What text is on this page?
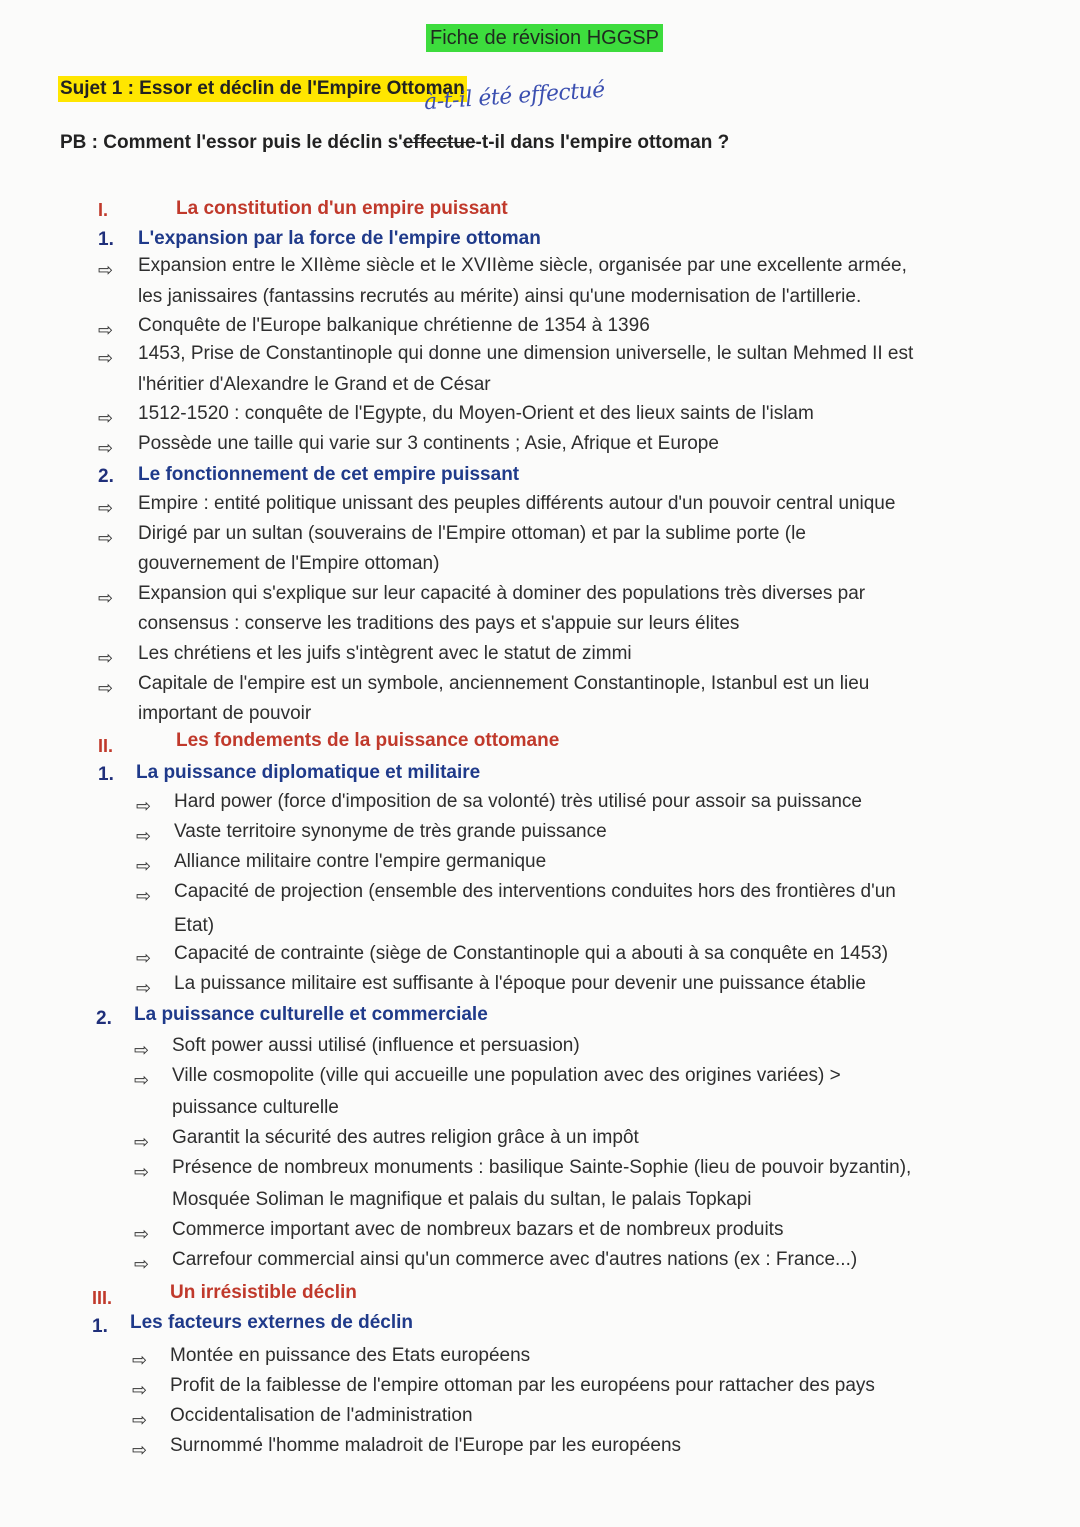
Fiche de révision HGGSP
Sujet 1 : Essor et déclin de l'Empire Ottoman
à-t-il été effectué
PB : Comment l'essor puis le déclin s'effectue-t-il dans l'empire ottoman ?
I.	La constitution d'un empire puissant
1. L'expansion par la force de l'empire ottoman
⇨ Expansion entre le XIIème siècle et le XVIIème siècle, organisée par une excellente armée,
les janissaires (fantassins recrutés au mérite) ainsi qu'une modernisation de l'artillerie.
⇨ Conquête de l'Europe balkanique chrétienne de 1354 à 1396
⇨ 1453, Prise de Constantinople qui donne une dimension universelle, le sultan Mehmed II est
l'héritier d'Alexandre le Grand et de César
⇨ 1512-1520 : conquête de l'Egypte, du Moyen-Orient et des lieux saints de l'islam
⇨ Possède une taille qui varie sur 3 continents ; Asie, Afrique et Europe
2. Le fonctionnement de cet empire puissant
⇨ Empire : entité politique unissant des peuples différents autour d'un pouvoir central unique
⇨ Dirigé par un sultan (souverains de l'Empire ottoman) et par la sublime porte (le
gouvernement de l'Empire ottoman)
⇨ Expansion qui s'explique sur leur capacité à dominer des populations très diverses par
consensus : conserve les traditions des pays et s'appuie sur leurs élites
⇨ Les chrétiens et les juifs s'intègrent avec le statut de zimmi
⇨ Capitale de l'empire est un symbole, anciennement Constantinople, Istanbul est un lieu
important de pouvoir
II.	Les fondements de la puissance ottomane
1. La puissance diplomatique et militaire
⇨ Hard power (force d'imposition de sa volonté) très utilisé pour assoir sa puissance
⇨ Vaste territoire synonyme de très grande puissance
⇨ Alliance militaire contre l'empire germanique
⇨ Capacité de projection (ensemble des interventions conduites hors des frontières d'un
Etat)
⇨ Capacité de contrainte (siège de Constantinople qui a abouti à sa conquête en 1453)
⇨ La puissance militaire est suffisante à l'époque pour devenir une puissance établie
2. La puissance culturelle et commerciale
⇨ Soft power aussi utilisé (influence et persuasion)
⇨ Ville cosmopolite (ville qui accueille une population avec des origines variées) >
puissance culturelle
⇨ Garantit la sécurité des autres religion grâce à un impôt
⇨ Présence de nombreux monuments : basilique Sainte-Sophie (lieu de pouvoir byzantin),
Mosquée Soliman le magnifique et palais du sultan, le palais Topkapi
⇨ Commerce important avec de nombreux bazars et de nombreux produits
⇨ Carrefour commercial ainsi qu'un commerce avec d'autres nations (ex : France...)
III.	Un irrésistible déclin
1. Les facteurs externes de déclin
⇨ Montée en puissance des Etats européens
⇨ Profit de la faiblesse de l'empire ottoman par les européens pour rattacher des pays
⇨ Occidentalisation de l'administration
⇨ Surnommé l'homme maladroit de l'Europe par les européens
